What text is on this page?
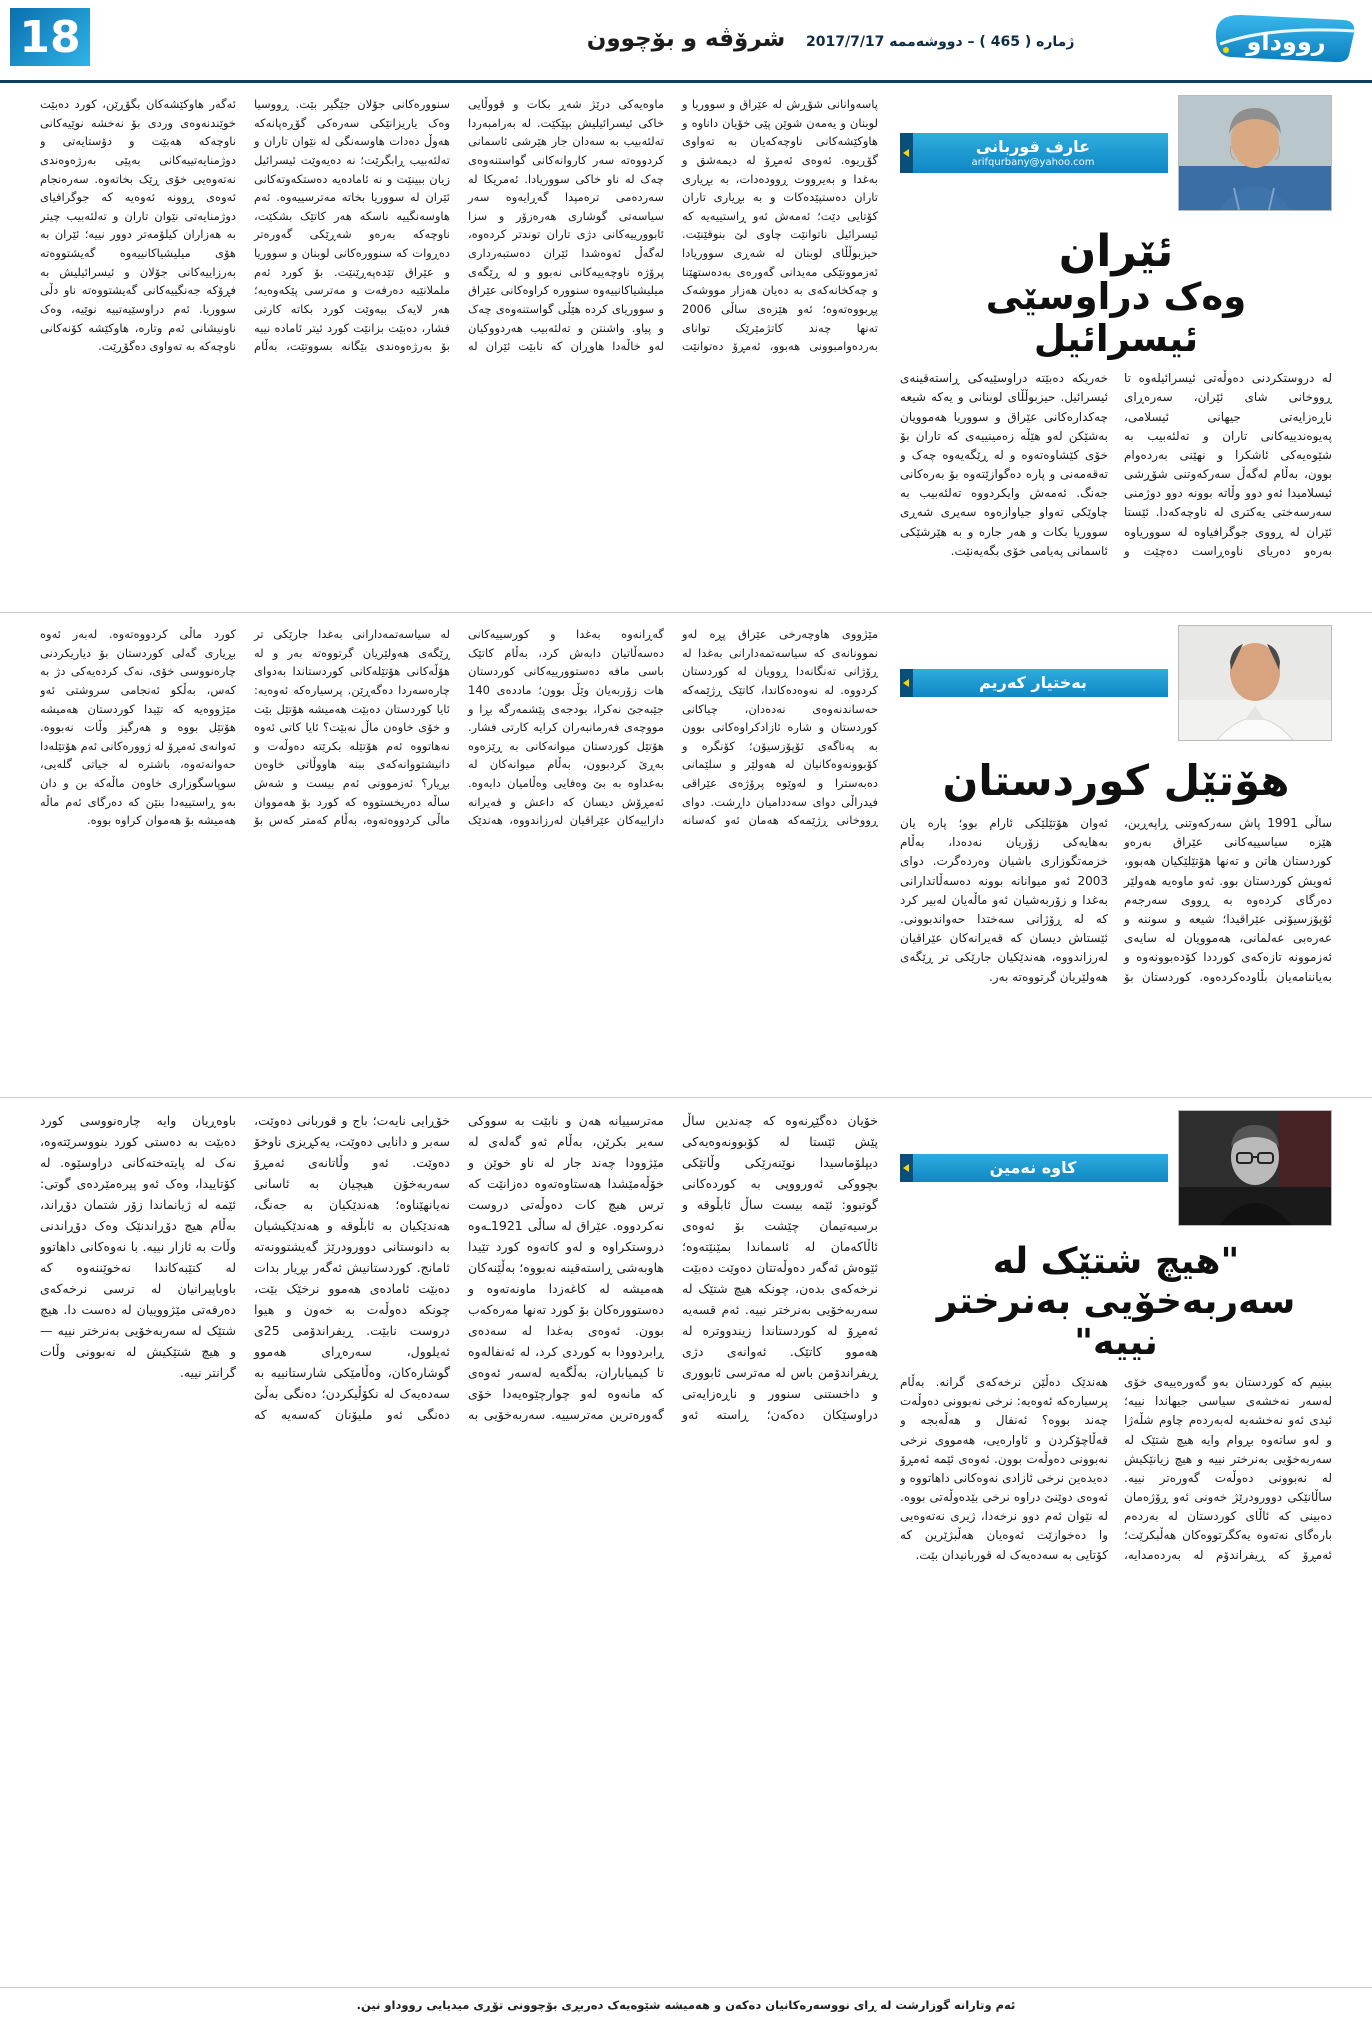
18	شرۆڤه‌ و بۆچوون ژماره‌ ( 465 ) – دووشه‌ممه‌ 2017/7/17	رووداو
عارف قوربانی
arifqurbany@yahoo.com
ئێران
وەک دراوسێی ئیسرائیل
لە دروستکردنی دەوڵەتی ئیسرائیلەوە تا ڕووخانی شای ئێران، سەرەڕای ناڕەزایەتی جیهانی ئیسلامی، پەیوەندییەکانی تاران و تەلئەبیب بە شێوەیەکی ئاشکرا و نهێنی بەردەوام بوون، بەڵام لەگەڵ سەرکەوتنی شۆڕشی ئیسلامیدا ئەو دوو وڵاتە بوونە دوو دوژمنی سەرسەختی یەکتری لە ناوچەکەدا. ئێستا ئێران لە ڕووی جوگرافیاوە لە سووریاوە بەرەو دەریای ناوەڕاست دەچێت و خەریکە دەبێتە دراوسێیەکی ڕاستەقینەی ئیسرائیل. حیزبوڵڵای لوبنانی و یەکە شیعە چەکدارەکانی عێراق و سووریا هەموویان بەشێکن لەو هێڵە زەمینییەی کە تاران بۆ خۆی کێشاوەتەوە و لە ڕێگەیەوە چەک و تەقەمەنی و پارە دەگوازێتەوە بۆ بەرەکانی جەنگ. ئەمەش وایکردووە تەلئەبیب بە چاوێکی تەواو جیاوازەوە سەیری شەڕی سووریا بکات و هەر جارە و بە هێرشێکی ئاسمانی پەیامی خۆی بگەیەنێت.
پاسەوانانی شۆڕش لە عێراق و سووریا و لوبنان و یەمەن شوێن پێی خۆیان داناوە و هاوکێشەکانی ناوچەکەیان بە تەواوی گۆڕیوە. ئەوەی ئەمڕۆ لە دیمەشق و بەغدا و بەیرووت ڕوودەدات، بە بڕیاری تاران دەستپێدەکات و بە بڕیاری تاران کۆتایی دێت؛ ئەمەش ئەو ڕاستییەیە کە ئیسرائیل ناتوانێت چاوی لێ بنوقێنێت. حیزبوڵڵای لوبنان لە شەڕی سووریادا ئەزموونێکی مەیدانی گەورەی بەدەستهێنا و چەکخانەکەی بە دەیان هەزار مووشەک پڕبووەتەوە؛ ئەو هێزەی ساڵی 2006 تەنها چەند کاتژمێرێک توانای بەردەوامبوونی هەبوو، ئەمڕۆ دەتوانێت ماوەیەکی درێژ شەڕ بکات و قووڵایی خاکی ئیسرائیلیش بپێکێت. لە بەرامبەردا تەلئەبیب بە سەدان جار هێرشی ئاسمانی کردووەتە سەر کاروانەکانی گواستنەوەی چەک لە ناو خاکی سووریادا. ئەمریکا لە سەردەمی ترەمپدا گەڕایەوە سەر سیاسەتی گوشاری هەرەزۆر و سزا ئابوورییەکانی دژی تاران توندتر کردەوە، لەگەڵ ئەوەشدا ئێران دەستبەرداری پرۆژە ناوچەییەکانی نەبوو و لە ڕێگەی میلیشیاکانییەوە سنوورە کراوەکانی عێراق و سووریای کردە هێڵی گواستنەوەی چەک و پیاو. واشنتن و تەلئەبیب هەردووکیان لەو خاڵەدا هاوڕان کە نابێت ئێران لە سنوورەکانی جۆلان جێگیر بێت. ڕووسیا وەک یاریزانێکی سەرەکی گۆڕەپانەکە هەوڵ دەدات هاوسەنگی لە نێوان تاران و تەلئەبیب ڕابگرێت؛ نە دەیەوێت ئیسرائیل زیان ببینێت و نە ئامادەیە دەستکەوتەکانی ئێران لە سووریا بخاتە مەترسییەوە. ئەم هاوسەنگییە ناسکە هەر کاتێک بشکێت، ناوچەکە بەرەو شەڕێکی گەورەتر دەڕوات کە سنوورەکانی لوبنان و سووریا و عێراق تێدەپەڕێنێت. بۆ کورد ئەم ململانێیە دەرفەت و مەترسی پێکەوەیە؛ هەر لایەک بیەوێت کورد بکاتە کارتی فشار، دەبێت بزانێت کورد ئیتر ئامادە نییە بۆ بەرژەوەندی بێگانە بسووتێت، بەڵام ئەگەر هاوکێشەکان بگۆڕێن، کورد دەبێت خوێندنەوەی وردی بۆ نەخشە نوێیەکانی ناوچەکە هەبێت و دۆستایەتی و دوژمنایەتییەکانی بەپێی بەرژەوەندی نەتەوەیی خۆی ڕێک بخاتەوە. سەرەنجام ئەوەی ڕوونە ئەوەیە کە جوگرافیای دوژمنایەتی نێوان تاران و تەلئەبیب چیتر بە هەزاران کیلۆمەتر دوور نییە؛ ئێران بە هۆی میلیشیاکانییەوە گەیشتووەتە بەرزاییەکانی جۆلان و ئیسرائیلیش بە فڕۆکە جەنگییەکانی گەیشتووەتە ناو دڵی سووریا. ئەم دراوسێیەتییە نوێیە، وەک ناونیشانی ئەم وتارە، هاوکێشە کۆنەکانی ناوچەکە بە تەواوی دەگۆڕێت.
بەختیار کەریم
هۆتێل کوردستان
ساڵی 1991 پاش سەرکەوتنی ڕاپەڕین، هێزە سیاسییەکانی عێراق بەرەو کوردستان هاتن و تەنها هۆتێلێکیان هەبوو، ئەویش کوردستان بوو. ئەو ماوەیە هەولێر دەرگای کردەوە بە ڕووی سەرجەم ئۆپۆزسیۆنی عێراقیدا؛ شیعە و سوننە و عەرەبی عەلمانی، هەموویان لە سایەی ئەزموونە تازەکەی کورددا کۆدەبوونەوە و بەیاننامەیان بڵاودەکردەوە. کوردستان بۆ ئەوان هۆتێلێکی ئارام بوو؛ پارە یان بەهایەکی زۆریان نەدەدا، بەڵام خزمەتگوزاری باشیان وەردەگرت. دوای 2003 ئەو میوانانە بوونە دەسەڵاتدارانی بەغدا و زۆربەشیان ئەو ماڵەیان لەبیر کرد کە لە ڕۆژانی سەختدا حەواندبوونی. ئێستاش دیسان کە قەیرانەکان عێراقیان لەرزاندووە، هەندێکیان جارێکی تر ڕێگەی هەولێریان گرتووەتە بەر.
مێژووی هاوچەرخی عێراق پڕە لەو نموونانەی کە سیاسەتمەدارانی بەغدا لە ڕۆژانی تەنگانەدا ڕوویان لە کوردستان کردووە. لە نەوەدەکاندا، کاتێک ڕژێمەکە حەساندنەوەی نەدەدان، چیاکانی کوردستان و شارە ئازادکراوەکانی بوون بە پەناگەی ئۆپۆزسیۆن؛ کۆنگرە و کۆبوونەوەکانیان لە هەولێر و سلێمانی دەبەسترا و لەوێوە پرۆژەی عێراقی فیدراڵی دوای سەددامیان داڕشت. دوای ڕووخانی ڕژێمەکە هەمان ئەو کەسانە گەڕانەوە بەغدا و کورسییەکانی دەسەڵاتیان دابەش کرد، بەڵام کاتێک باسی مافە دەستوورییەکانی کوردستان هات زۆربەیان وێڵ بوون؛ ماددەی 140 جێبەجێ نەکرا، بودجەی پێشمەرگە بڕا و مووچەی فەرمانبەران کرایە کارتی فشار. هۆتێل کوردستان میوانەکانی بە ڕێزەوە بەڕێ کردبوون، بەڵام میوانەکان لە بەغداوە بە بێ وەفایی وەڵامیان دایەوە. ئەمڕۆش دیسان کە داعش و قەیرانە داراییەکان عێراقیان لەرزاندووە، هەندێک لە سیاسەتمەدارانی بەغدا جارێکی تر ڕێگەی هەولێریان گرتووەتە بەر و لە هۆڵەکانی هۆتێلەکانی کوردستاندا بەدوای چارەسەردا دەگەڕێن. پرسیارەکە ئەوەیە: ئایا کوردستان دەبێت هەمیشە هۆتێل بێت و خۆی خاوەن ماڵ نەبێت؟ ئایا کاتی ئەوە نەهاتووە ئەم هۆتێلە بکرێتە دەوڵەت و دانیشتووانەکەی ببنە هاووڵاتی خاوەن بڕیار؟ ئەزموونی ئەم بیست و شەش ساڵە دەریخستووە کە کورد بۆ هەمووان ماڵی کردووەتەوە، بەڵام کەمتر کەس بۆ کورد ماڵی کردووەتەوە. لەبەر ئەوە بڕیاری گەلی کوردستان بۆ دیاریکردنی چارەنووسی خۆی، نەک کردەیەکی دژ بە کەس، بەڵکو ئەنجامی سروشتی ئەو مێژووەیە کە تێیدا کوردستان هەمیشە هۆتێل بووە و هەرگیز وڵات نەبووە. ئەوانەی ئەمڕۆ لە ژوورەکانی ئەم هۆتێلەدا حەوانەتەوە، باشترە لە جیاتی گلەیی، سوپاسگوزاری خاوەن ماڵەکە بن و دان بەو ڕاستییەدا بنێن کە دەرگای ئەم ماڵە هەمیشە بۆ هەموان کراوە بووە.
کاوە نەمین
"هیچ شتێک لە
سەربەخۆیی بەنرختر نییە"
بینیم کە کوردستان بەو گەورەییەی خۆی لەسەر نەخشەی سیاسی جیهاندا نییە؛ ئیدی ئەو نەخشەیە لەبەردەم چاوم شڵەژا و لەو ساتەوە بڕوام وایە هیچ شتێک لە سەربەخۆیی بەنرختر نییە و هیچ زیانێکیش لە نەبوونی دەوڵەت گەورەتر نییە. ساڵانێکی دوورودرێژ خەونی ئەو ڕۆژەمان دەبینی کە ئاڵای کوردستان لە بەردەم بارەگای نەتەوە یەکگرتووەکان هەڵبکرێت؛ ئەمڕۆ کە ڕیفراندۆم لە بەردەمدایە، هەندێک دەڵێن نرخەکەی گرانە. بەڵام پرسیارەکە ئەوەیە: نرخی نەبوونی دەوڵەت چەند بووە؟ ئەنفال و هەڵەبجە و قەڵاچۆکردن و ئاوارەیی، هەمووی نرخی نەبوونی دەوڵەت بوون. ئەوەی ئێمە ئەمڕۆ دەیدەین نرخی ئازادی نەوەکانی داهاتووە و ئەوەی دوێنێ دراوە نرخی بێدەوڵەتی بووە. لە نێوان ئەم دوو نرخەدا، ژیری نەتەوەیی وا دەخوازێت ئەوەیان هەڵبژێرین کە کۆتایی بە سەدەیەک لە قوربانیدان بێت.
خۆیان دەگێڕنەوە کە چەندین ساڵ پێش ئێستا لە کۆبوونەوەیەکی دیپلۆماسیدا نوێنەرێکی وڵاتێکی بچووکی ئەورووپی بە کوردەکانی گوتبوو: ئێمە بیست ساڵ ئابڵوقە و برسیەتیمان چێشت بۆ ئەوەی ئاڵاکەمان لە ئاسماندا بمێنێتەوە؛ ئێوەش ئەگەر دەوڵەتتان دەوێت دەبێت نرخەکەی بدەن، چونکە هیچ شتێک لە سەربەخۆیی بەنرختر نییە. ئەم قسەیە ئەمڕۆ لە کوردستاندا زیندووترە لە هەموو کاتێک. ئەوانەی دژی ڕیفراندۆمن باس لە مەترسی ئابووری و داخستنی سنوور و ناڕەزایەتی دراوسێکان دەکەن؛ ڕاستە ئەو مەترسییانە هەن و نابێت بە سووکی سەیر بکرێن، بەڵام ئەو گەلەی لە مێژوودا چەند جار لە ناو خوێن و خۆڵەمێشدا هەستاوەتەوە دەزانێت کە ترس هیچ کات دەوڵەتی دروست نەکردووە. عێراق لە ساڵی 1921ـەوە دروستکراوە و لەو کاتەوە کورد تێیدا هاوبەشی ڕاستەقینە نەبووە؛ بەڵێنەکان هەمیشە لە کاغەزدا ماونەتەوە و دەستوورەکان بۆ کورد تەنها مەرەکەب بوون. ئەوەی بەغدا لە سەدەی ڕابردوودا بە کوردی کرد، لە ئەنفالەوە تا کیمیاباران، بەڵگەیە لەسەر ئەوەی کە مانەوە لەو چوارچێوەیەدا خۆی گەورەترین مەترسییە. سەربەخۆیی بە خۆڕایی نایەت؛ باج و قوربانی دەوێت، سەبر و دانایی دەوێت، یەکڕیزی ناوخۆ دەوێت. ئەو وڵاتانەی ئەمڕۆ سەربەخۆن هیچیان بە ئاسانی نەیانهێناوە؛ هەندێکیان بە جەنگ، هەندێکیان بە ئابڵوقە و هەندێکیشیان بە دانوستانی دوورودرێژ گەیشتوونەتە ئامانج. کوردستانیش ئەگەر بڕیار بدات دەبێت ئامادەی هەموو نرخێک بێت، چونکە دەوڵەت بە خەون و هیوا دروست نابێت. ڕیفراندۆمی 25ی ئەیلوول، سەرەڕای هەموو گوشارەکان، وەڵامێکی شارستانییە بە سەدەیەک لە نکۆڵیکردن؛ دەنگی بەڵێ دەنگی ئەو ملیۆنان کەسەیە کە باوەڕیان وایە چارەنووسی کورد دەبێت بە دەستی کورد بنووسرێتەوە، نەک لە پایتەختەکانی دراوسێوە. لە کۆتاییدا، وەک ئەو پیرەمێردەی گوتی: ئێمە لە ژیانماندا زۆر شتمان دۆڕاند، بەڵام هیچ دۆڕاندنێک وەک دۆڕاندنی وڵات بە ئازار نییە. با نەوەکانی داهاتوو لە کتێبەکاندا نەخوێننەوە کە باوباپیرانیان لە ترسی نرخەکەی دەرفەتی مێژووییان لە دەست دا. هیچ شتێک لە سەربەخۆیی بەنرختر نییە — و هیچ شتێکیش لە نەبوونی وڵات گرانتر نییە.
ئەم وتارانە گوزارشت لە ڕای نووسەرەکانیان دەکەن و هەمیشە شێوەیەک دەربڕی بۆچوونی تۆڕی میدیایی رووداو نین.
